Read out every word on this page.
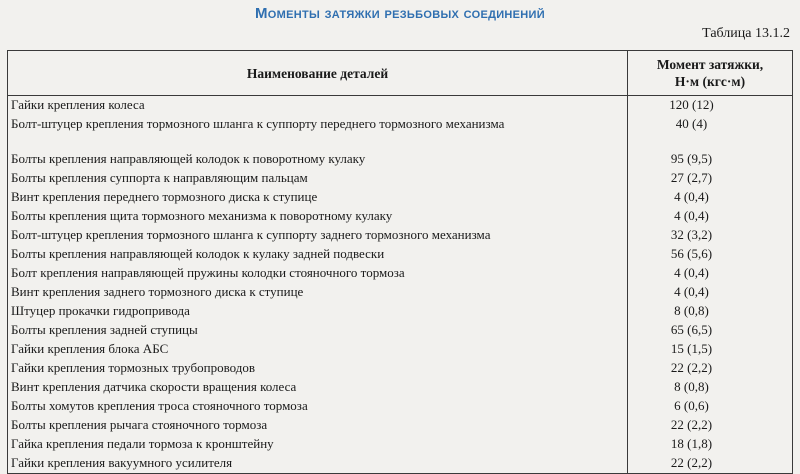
Моменты затяжки резьбовых соединений
Таблица 13.1.2
Наименование деталей	Момент затяжки,
Н·м (кгс·м)

Гайки крепления колеса	120 (12)
Болт-штуцер крепления тормозного шланга к суппорту переднего тормозного механизма	40 (4)
Болты крепления направляющей колодок к поворотному кулаку	95 (9,5)
Болты крепления суппорта к направляющим пальцам	27 (2,7)
Винт крепления переднего тормозного диска к ступице	4 (0,4)
Болты крепления щита тормозного механизма к поворотному кулаку	4 (0,4)
Болт-штуцер крепления тормозного шланга к суппорту заднего тормозного механизма	32 (3,2)
Болты крепления направляющей колодок к кулаку задней подвески	56 (5,6)
Болт крепления направляющей пружины колодки стояночного тормоза	4 (0,4)
Винт крепления заднего тормозного диска к ступице	4 (0,4)
Штуцер прокачки гидропривода	8 (0,8)
Болты крепления задней ступицы	65 (6,5)
Гайки крепления блока АБС	15 (1,5)
Гайки крепления тормозных трубопроводов	22 (2,2)
Винт крепления датчика скорости вращения колеса	8 (0,8)
Болты хомутов крепления троса стояночного тормоза	6 (0,6)
Болты крепления рычага стояночного тормоза	22 (2,2)
Гайка крепления педали тормоза к кронштейну	18 (1,8)
Гайки крепления вакуумного усилителя	22 (2,2)
